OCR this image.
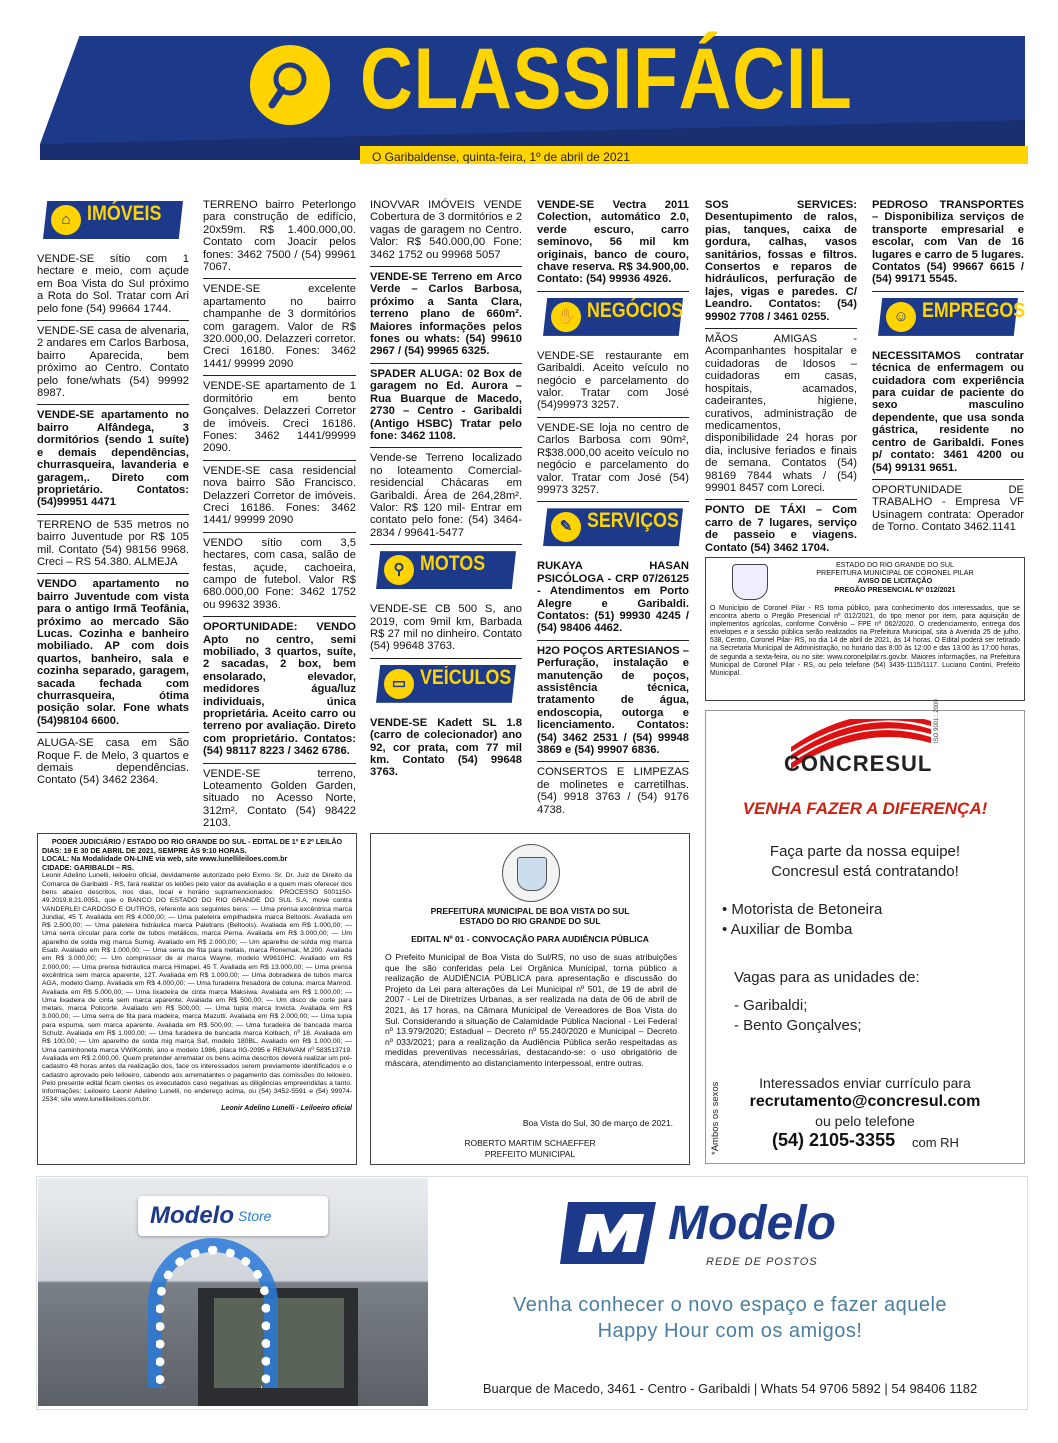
CLASSIFÁCIL
O Garibaldense, quinta-feira, 1º de abril de 2021
⌂ IMÓVEIS

VENDE-SE sítio com 1 hectare e meio, com açude em Boa Vista do Sul próximo a Rota do Sol. Tratar com Ari pelo fone (54) 99664 1744.

VENDE-SE casa de alvenaria, 2 andares em Carlos Barbosa, bairro Aparecida, bem próximo ao Centro. Contato pelo fone/whats (54) 99992 8987.

VENDE-SE apartamento no bairro Alfândega, 3 dormitórios (sendo 1 suíte) e demais dependências, churrasqueira, lavanderia e garagem,. Direto com proprietário. Contatos: (54)99951 4471

TERRENO de 535 metros no bairro Juventude por R$ 105 mil. Contato (54) 98156 9968. Creci – RS 54.380. ALMEJA

VENDO apartamento no bairro Juventude com vista para o antigo Irmã Teofânia, próximo ao mercado São Lucas. Cozinha e banheiro mobiliado. AP com dois quartos, banheiro, sala e cozinha separado, garagem, sacada fechada com churrasqueira, ótima posição solar. Fone whats (54)98104 6600.

ALUGA-SE casa em São Roque F. de Melo, 3 quartos e demais dependências. Contato (54) 3462 2364.

TERRENO bairro Peterlongo para construção de edifício, 20x59m. R$ 1.400.000,00. Contato com Joacir pelos fones: 3462 7500 / (54) 99961 7067.

VENDE-SE excelente apartamento no bairro champanhe de 3 dormitórios com garagem. Valor de R$ 320.000,00. Delazzeri corretor. Creci 16180. Fones: 3462 1441/ 99999 2090

VENDE-SE apartamento de 1 dormitório em bento Gonçalves. Delazzeri Corretor de imóveis. Creci 16186. Fones: 3462 1441/99999 2090.

VENDE-SE casa residencial nova bairro São Francisco. Delazzeri Corretor de imóveis. Creci 16186. Fones: 3462 1441/ 99999 2090

VENDO sítio com 3,5 hectares, com casa, salão de festas, açude, cachoeira, campo de futebol. Valor R$ 680.000,00 Fone: 3462 1752 ou 99632 3936.

OPORTUNIDADE: VENDO Apto no centro, semi mobiliado, 3 quartos, suíte, 2 sacadas, 2 box, bem ensolarado, elevador, medidores água/luz individuais, única proprietária. Aceito carro ou terreno por avaliação. Direto com proprietário. Contatos: (54) 98117 8223 / 3462 6786.

VENDE-SE terreno, Loteamento Golden Garden, situado no Acesso Norte, 312m². Contato (54) 98422 2103.

INOVVAR IMÓVEIS VENDE Cobertura de 3 dormitórios e 2 vagas de garagem no Centro. Valor: R$ 540.000,00 Fone: 3462 1752 ou 99968 5057

VENDE-SE Terreno em Arco Verde – Carlos Barbosa, próximo a Santa Clara, terreno plano de 660m². Maiores informações pelos fones ou whats: (54) 99610 2967 / (54) 99965 6325.

SPADER ALUGA: 02 Box de garagem no Ed. Aurora – Rua Buarque de Macedo, 2730 – Centro - Garibaldi (Antigo HSBC) Tratar pelo fone: 3462 1108.

Vende-se Terreno localizado no loteamento Comercial-residencial Chácaras em Garibaldi. Área de 264,28m². Valor: R$ 120 mil- Entrar em contato pelo fone: (54) 3464-2834 / 99641-5477

⚲ MOTOS

VENDE-SE CB 500 S, ano 2019, com 9mil km, Barbada R$ 27 mil no dinheiro. Contato (54) 99648 3763.

▭ VEÍCULOS

VENDE-SE Kadett SL 1.8 (carro de colecionador) ano 92, cor prata, com 77 mil km. Contato (54) 99648 3763.

VENDE-SE Vectra 2011 Colection, automático 2.0, verde escuro, carro seminovo, 56 mil km originais, banco de couro, chave reserva. R$ 34.900,00. Contato: (54) 99936 4926.

✋ NEGÓCIOS

VENDE-SE restaurante em Garibaldi. Aceito veículo no negócio e parcelamento do valor. Tratar com José (54)99973 3257.

VENDE-SE loja no centro de Carlos Barbosa com 90m², R$38.000,00 aceito veículo no negócio e parcelamento do valor. Tratar com José (54) 99973 3257.

✎ SERVIÇOS

RUKAYA HASAN PSICÓLOGA - CRP 07/26125 - Atendimentos em Porto Alegre e Garibaldi. Contatos: (51) 99930 4245 / (54) 98406 4462.

H2O POÇOS ARTESIANOS – Perfuração, instalação e manutenção de poços, assistência técnica, tratamento de água, endoscopia, outorga e licenciamento. Contatos: (54) 3462 2531 / (54) 99948 3869 e (54) 99907 6836.

CONSERTOS E LIMPEZAS de molinetes e carretilhas. (54) 9918 3763 / (54) 9176 4738.

SOS SERVICES: Desentupimento de ralos, pias, tanques, caixa de gordura, calhas, vasos sanitários, fossas e filtros. Consertos e reparos de hidráulicos, perfuração de lajes, vigas e paredes. C/ Leandro. Contatos: (54) 99902 7708 / 3461 0255.

MÃOS AMIGAS - Acompanhantes hospitalar e cuidadoras de Idosos – cuidadoras em casas, hospitais, acamados, cadeirantes, higiene, curativos, administração de medicamentos, disponibilidade 24 horas por dia, inclusive feriados e finais de semana. Contatos (54) 98169 7844 whats / (54) 99901 8457 com Loreci.

PONTO DE TÁXI – Com carro de 7 lugares, serviço de passeio e viagens. Contato (54) 3462 1704.

PEDROSO TRANSPORTES – Disponibiliza serviços de transporte empresarial e escolar, com Van de 16 lugares e carro de 5 lugares. Contatos (54) 99667 6615 / (54) 99171 5545.

☺ EMPREGOS

NECESSITAMOS contratar técnica de enfermagem ou cuidadora com experiência para cuidar de paciente do sexo masculino dependente, que usa sonda gástrica, residente no centro de Garibaldi. Fones p/ contato: 3461 4200 ou (54) 99131 9651.

OPORTUNIDADE DE TRABALHO - Empresa VF Usinagem contrata: Operador de Torno. Contato 3462.1141

ESTADO DO RIO GRANDE DO SUL
PREFEITURA MUNICIPAL DE CORONEL PILAR
AVISO DE LICITAÇÃO
PREGÃO PRESENCIAL Nº 012/2021
O Município de Coronel Pilar - RS torna público, para conhecimento dos interessados, que se encontra aberto o Pregão Presencial nº 012/2021, do tipo menor por item, para aquisição de implementos agrícolas, conforme Convênio – FPE nº 062/2020. O credenciamento, entrega dos envelopes e a sessão pública serão realizados na Prefeitura Municipal, sita à Avenida 25 de julho, 538, Centro, Coronel Pilar- RS, no dia 14 de abril de 2021, às 14 horas. O Edital poderá ser retirado na Secretaria Municipal de Administração, no horário das 8:00 às 12:00 e das 13:00 às 17:00 horas, de segunda a sexta-feira, ou no site: www.coronelpilar.rs.gov.br. Maiores informações, na Prefeitura Municipal de Coronel Pilar - RS, ou pelo telefone (54) 3435-1115/1117. Luciano Contini, Prefeito Municipal.
CONCRESUL
ISO 9001 : 2000
VENHA FAZER A DIFERENÇA!
Faça parte da nossa equipe!
Concresul está contratando!
• Motorista de Betoneira
• Auxiliar de Bomba
Vagas para as unidades de:
- Garibaldi;
- Bento Gonçalves;
*Ambos os sexos	Interessados enviar currículo para
recrutamento@concresul.com
ou pelo telefone
(54) 2105-3355 com RH
PODER JUDICIÁRIO / ESTADO DO RIO GRANDE DO SUL - EDITAL DE 1º E 2º LEILÃO
DIAS: 19 E 30 DE ABRIL DE 2021, SEMPRE ÀS 9:10 HORAS.
LOCAL: Na Modalidade ON-LINE via web, site www.lunellileiloes.com.br
CIDADE: GARIBALDI – RS.
Leonir Adelino Lunelli, leiloeiro oficial, devidamente autorizado pelo Exmo. Sr. Dr. Juiz de Direito da Comarca de Garibaldi - RS, fará realizar os leilões pelo valor da avaliação e a quem mais oferecer dos bens abaixo descritos, nos dias, local e horário supramencionados: PROCESSO 5001150-49.2019.8.21.0051, que o BANCO DO ESTADO DO RIO GRANDE DO SUL S.A. move contra VANDERLEI CARDOSO E OUTROS, referente aos seguintes bens: — Uma prensa excêntrica marca Jundiaí, 45 T. Avaliada em R$ 4.000,00; — Uma paleteira empilhadeira marca Beltools. Avaliada em R$ 2.500,00; — Uma paleteira hidráulica marca Paletrans (Beltools). Avaliada em R$ 1.000,00; — Uma serra circular para corte de tubos metálicos, marca Perna. Avaliada em R$ 3.000,00; — Um aparelho de solda mig marca Sumig. Avaliado em R$ 2.000,00; — Um aparelho de solda mig marca Esab. Avaliado em R$ 1.000,00; — Uma serra de fita para metais, marca Ronemak, M.200. Avaliada em R$ 3.000,00; — Um compressor de ar marca Wayne, modelo W9610HC. Avaliado em R$ 2.000,00; — Uma prensa hidráulica marca Himapel, 45 T. Avaliada em R$ 13.000,00; — Uma prensa excêntrica sem marca aparente, 12T. Avaliada em R$ 1.000,00; — Uma dobradeira de tubos marca AGA, modelo Gamp. Avaliada em R$ 4.000,00; — Uma furadeira fresadora de coluna, marca Manrod. Avaliada em R$ 5.000,00; — Uma lixadeira de cinta marca Maksiwa. Avaliada em R$ 1.000,00; — Uma lixadeira de cinta sem marca aparente. Avaliada em R$ 500,00; — Um disco de corte para metais, marca Policorte. Avaliado em R$ 500,00; — Uma tupia marca Invicta. Avaliada em R$ 3.000,00; — Uma serra de fita para madeira, marca Mazutti. Avaliada em R$ 2.000,00; — Uma tupia para espuma, sem marca aparente. Avaliada em R$ 500,00; — Uma furadeira de bancada marca Schulz. Avaliada em R$ 1.000,00; — Uma furadeira de bancada marca Kolbach, nº 18. Avaliada em R$ 100,00; — Um aparelho de solda mig marca Saf, modelo 180BL. Avaliado em R$ 1.000,00; — Uma caminhoneta marca VW/Kombi, ano e modelo 1986, placa IIG-2095 e RENAVAM nº 583513719. Avaliada em R$ 2.000,00. Quem pretender arrematar os bens acima descritos deverá realizar um pré-cadastro 48 horas antes da realização dos, face os interessados serem previamente identificados e o cadastro aprovado pelo leiloeiro, cabendo aos arrematantes o pagamento das comissões do leiloeiro. Pelo presente edital ficam cientes os executados caso negativas as diligências empreendidas a tanto. Informações: Leiloeiro Leonir Adelino Lunelli, no endereço acima, ou (54) 3452-5591 e (54) 99974-2534; site www.lunellileiloes.com.br.
Leonir Adelino Lunelli - Leiloeiro oficial
PREFEITURA MUNICIPAL DE BOA VISTA DO SUL
ESTADO DO RIO GRANDE DO SUL
EDITAL Nº 01 - CONVOCAÇÃO PARA AUDIÊNCIA PÚBLICA
O Prefeito Municipal de Boa Vista do Sul/RS, no uso de suas atribuições que lhe são conferidas pela Lei Orgânica Municipal, torna público a realização de AUDIÊNCIA PÚBLICA para apresentação e discussão do Projeto da Lei para alterações da Lei Municipal nº 501, de 19 de abril de 2007 - Lei de Diretrizes Urbanas, a ser realizada na data de 06 de abril de 2021, às 17 horas, na Câmara Municipal de Vereadores de Boa Vista do Sul. Considerando a situação de Calamidade Pública Nacional - Lei Federal nº 13.979/2020; Estadual – Decreto nº 55.240/2020 e Municipal – Decreto nº 033/2021; para a realização da Audiência Pública serão respeitadas as medidas preventivas necessárias, destacando-se: o uso obrigatório de máscara, atendimento ao distanciamento interpessoal, entre outras.
Boa Vista do Sul, 30 de março de 2021.
ROBERTO MARTIM SCHAEFFER
PREFEITO MUNICIPAL
Modelo Store	Modelo
REDE DE POSTOS
Venha conhecer o novo espaço e fazer aquele
Happy Hour com os amigos!
Buarque de Macedo, 3461 - Centro - Garibaldi | Whats 54 9706 5892 | 54 98406 1182
